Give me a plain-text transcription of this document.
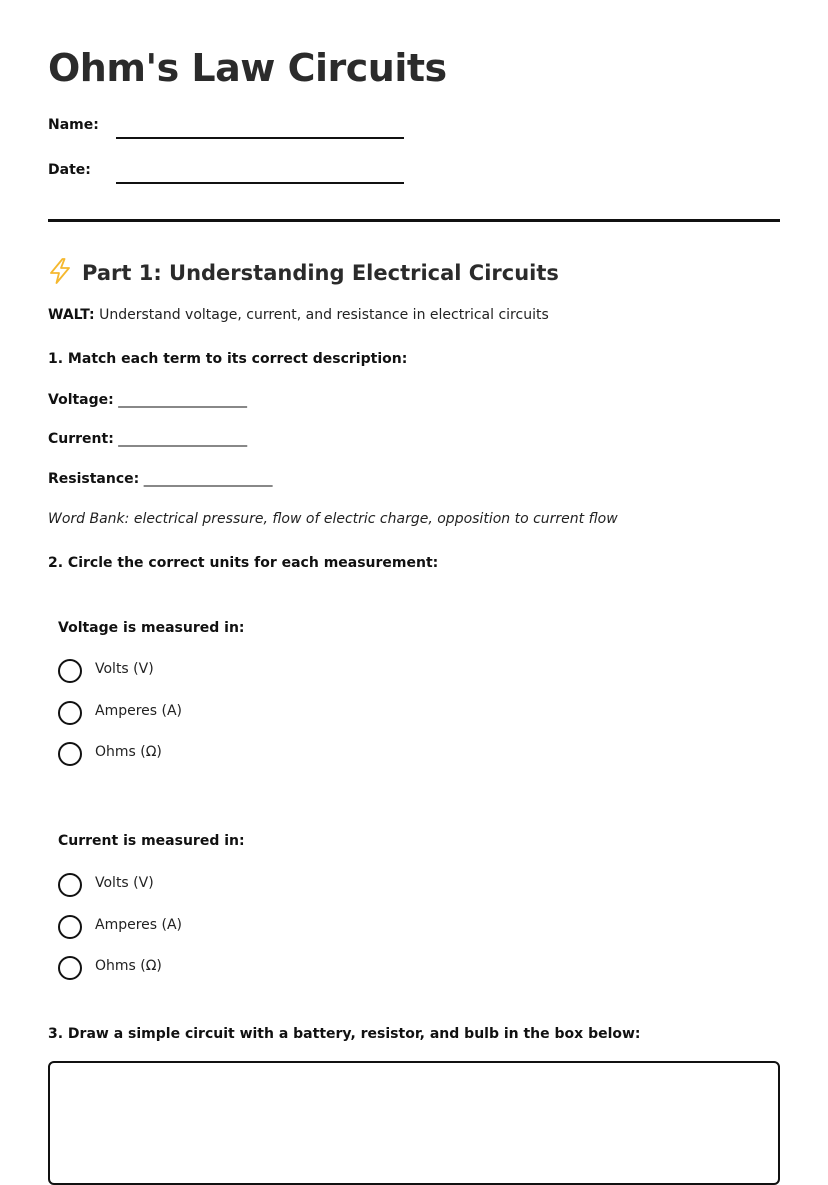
Ohm's Law Circuits
Name:
Date:
Part 1: Understanding Electrical Circuits
WALT: Understand voltage, current, and resistance in electrical circuits
1. Match each term to its correct description:
Voltage: ______________________
Current: ______________________
Resistance: ______________________
Word Bank: electrical pressure, flow of electric charge, opposition to current flow
2. Circle the correct units for each measurement:
Voltage is measured in:
Volts (V)
Amperes (A)
Ohms (Ω)
Current is measured in:
Volts (V)
Amperes (A)
Ohms (Ω)
3. Draw a simple circuit with a battery, resistor, and bulb in the box below:
